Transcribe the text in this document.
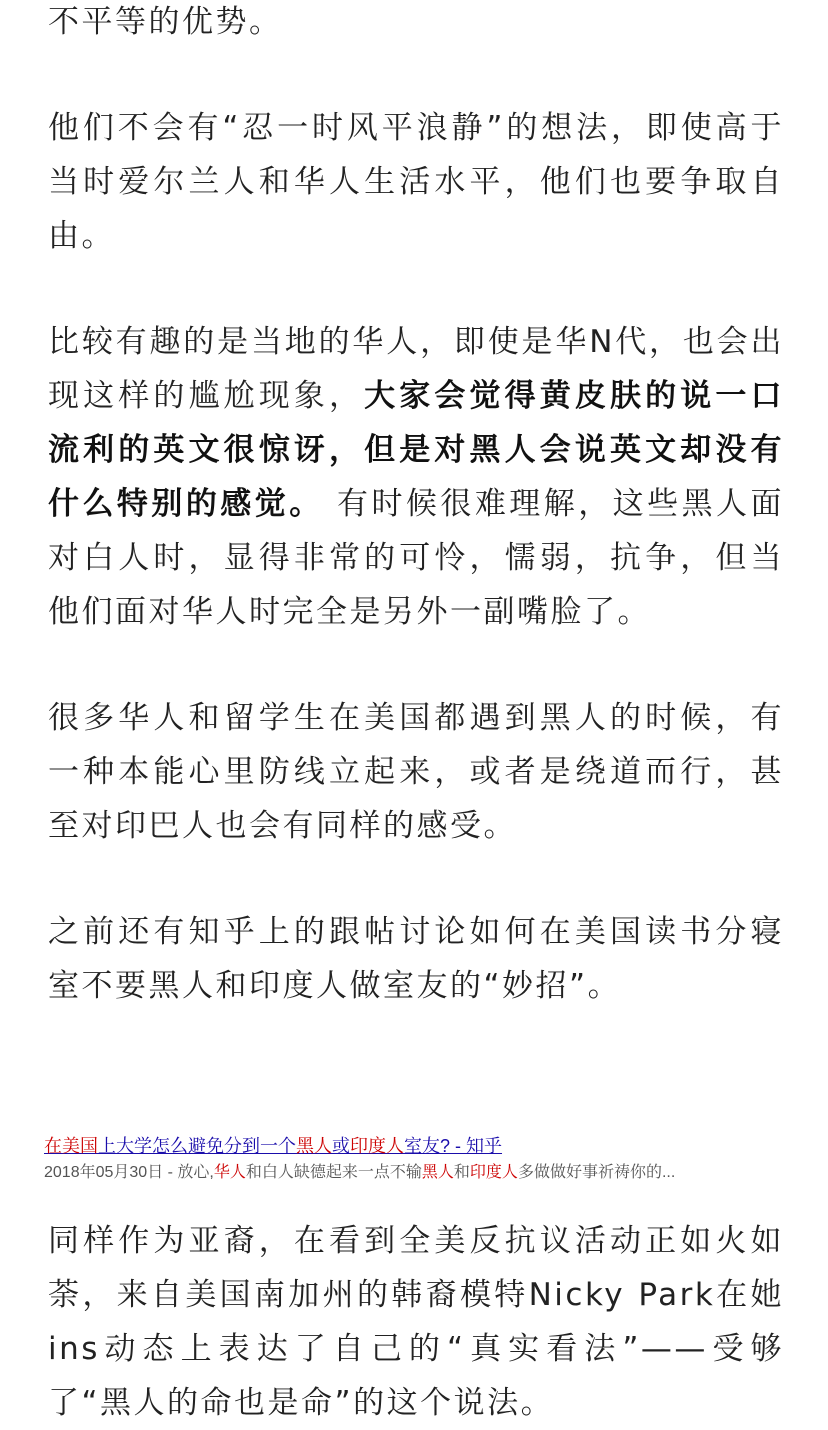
不平等的优势。

他们不会有“忍一时风平浪静”的想法，即使高于当时爱尔兰人和华人生活水平，他们也要争取自由。

比较有趣的是当地的华人，即使是华N代，也会出现这样的尴尬现象，大家会觉得黄皮肤的说一口流利的英文很惊讶，但是对黑人会说英文却没有什么特别的感觉。 有时候很难理解，这些黑人面对白人时，显得非常的可怜，懦弱，抗争，但当他们面对华人时完全是另外一副嘴脸了。

很多华人和留学生在美国都遇到黑人的时候，有一种本能心里防线立起来，或者是绕道而行，甚至对印巴人也会有同样的感受。

之前还有知乎上的跟帖讨论如何在美国读书分寝室不要黑人和印度人做室友的“妙招”。

在美国上大学怎么避免分到一个黑人或印度人室友? - 知乎
2018年05月30日 - 放心,华人和白人缺德起来一点不输黑人和印度人多做做好事祈祷你的...

同样作为亚裔，在看到全美反抗议活动正如火如荼，来自美国南加州的韩裔模特Nicky Park在她ins动态上表达了自己的“真实看法”——受够了“黑人的命也是命”的这个说法。
